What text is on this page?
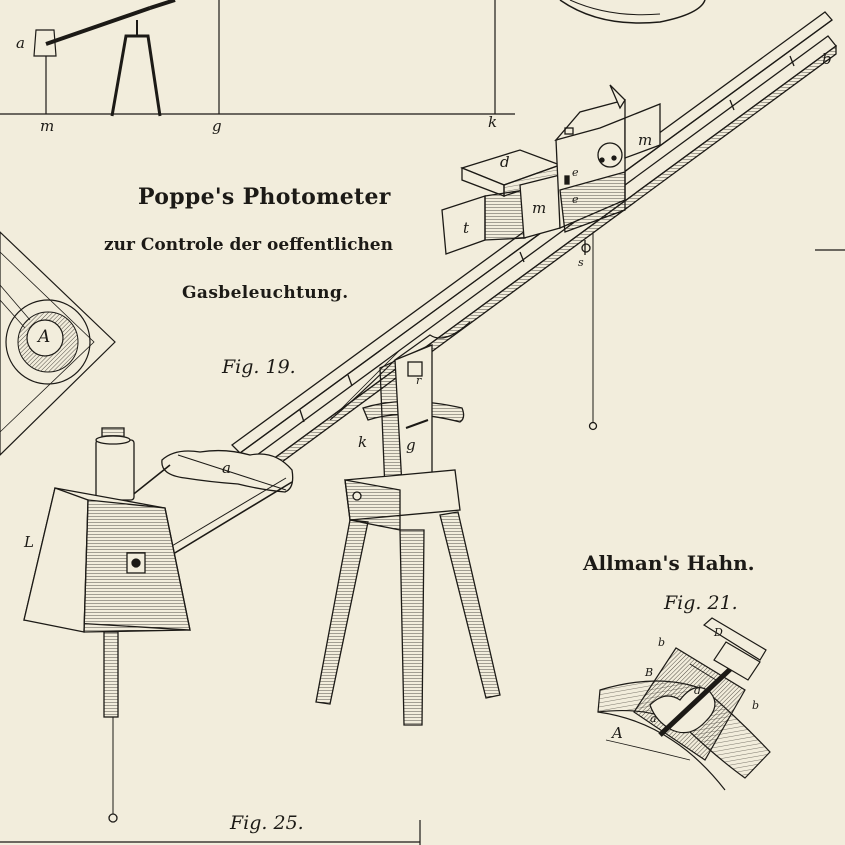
Poppe's Photometer

zur Controle der oeffentlichen

Gasbeleuchtung.

Fig. 19.

Allman's Hahn.

Fig. 21.

Fig. 25.

a

m	g	k

b

d

m

m

e

e

t

s

r

g

k

a

L

A

D

b

b

B

A

d

a
